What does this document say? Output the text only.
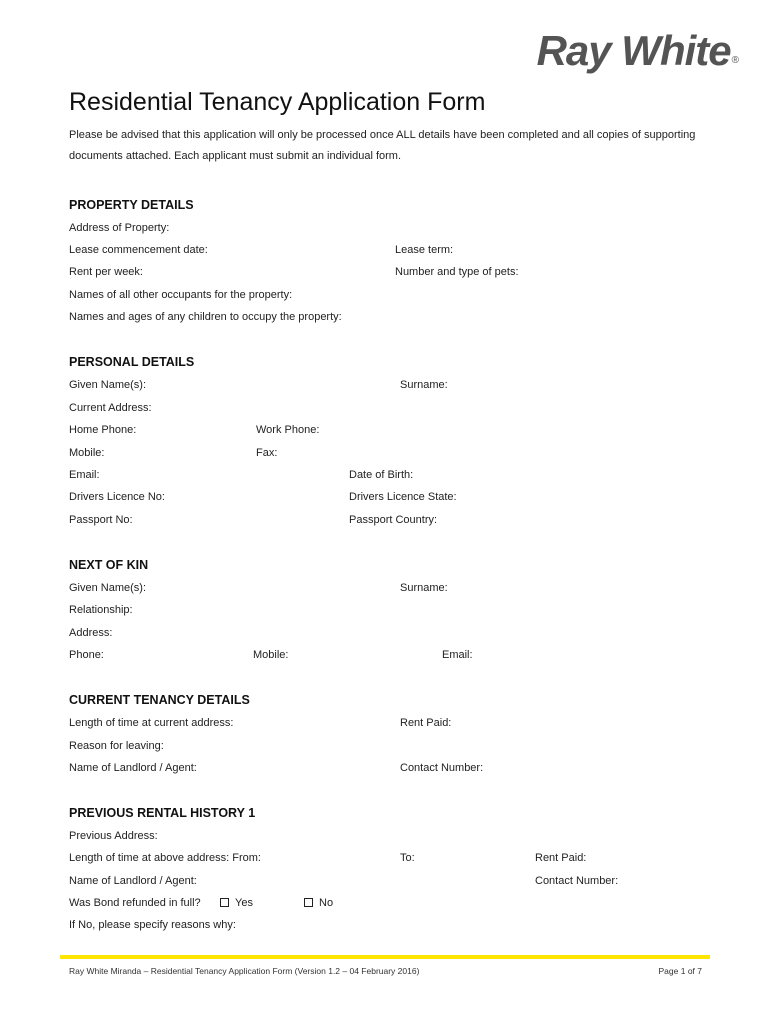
Ray White®
Residential Tenancy Application Form
Please be advised that this application will only be processed once ALL details have been completed and all copies of supporting documents attached. Each applicant must submit an individual form.
PROPERTY DETAILS
Address of Property:
Lease commencement date:	Lease term:
Rent per week:	Number and type of pets:
Names of all other occupants for the property:
Names and ages of any children to occupy the property:
PERSONAL DETAILS
Given Name(s):	Surname:
Current Address:
Home Phone:	Work Phone:
Mobile:	Fax:
Email:	Date of Birth:
Drivers Licence No:	Drivers Licence State:
Passport No:	Passport Country:
NEXT OF KIN
Given Name(s):	Surname:
Relationship:
Address:
Phone:	Mobile:	Email:
CURRENT TENANCY DETAILS
Length of time at current address:	Rent Paid:
Reason for leaving:
Name of Landlord / Agent:	Contact Number:
PREVIOUS RENTAL HISTORY 1
Previous Address:
Length of time at above address: From:	To:	Rent Paid:
Name of Landlord / Agent:	Contact Number:
Was Bond refunded in full?	Yes	No
If No, please specify reasons why:
Ray White Miranda – Residential Tenancy Application Form (Version 1.2 – 04 February 2016)	Page 1 of 7
